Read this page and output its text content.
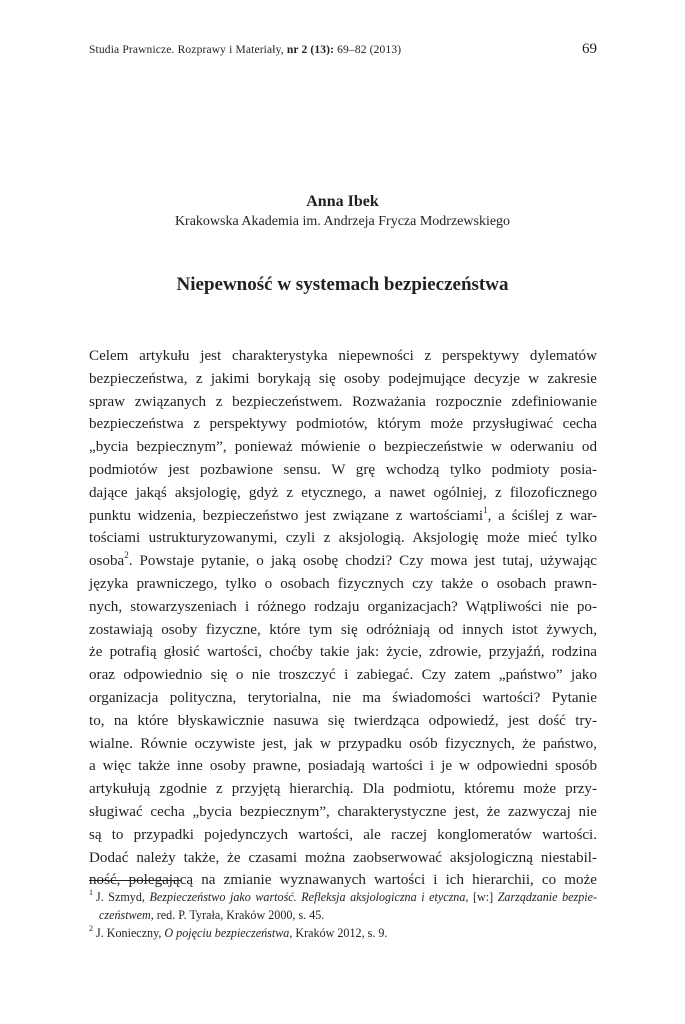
Studia Prawnicze. Rozprawy i Materiały, nr 2 (13): 69–82 (2013)	69
Anna Ibek
Krakowska Akademia im. Andrzeja Frycza Modrzewskiego
Niepewność w systemach bezpieczeństwa
Celem artykułu jest charakterystyka niepewności z perspektywy dylematów
bezpieczeństwa, z jakimi borykają się osoby podejmujące decyzje w zakresie
spraw związanych z bezpieczeństwem. Rozważania rozpocznie zdefiniowanie
bezpieczeństwa z perspektywy podmiotów, którym może przysługiwać cecha
„bycia bezpiecznym”, ponieważ mówienie o bezpieczeństwie w oderwaniu od
podmiotów jest pozbawione sensu. W grę wchodzą tylko podmioty posia-
dające jakąś aksjologię, gdyż z etycznego, a nawet ogólniej, z filozoficznego
punktu widzenia, bezpieczeństwo jest związane z wartościami$^1$, a ściślej z war-
tościami ustrukturyzowanymi, czyli z aksjologią. Aksjologię może mieć tylko
osoba$^2$. Powstaje pytanie, o jaką osobę chodzi? Czy mowa jest tutaj, używając
języka prawniczego, tylko o osobach fizycznych czy także o osobach prawn-
nych, stowarzyszeniach i różnego rodzaju organizacjach? Wątpliwości nie po-
zostawiają osoby fizyczne, które tym się odróżniają od innych istot żywych,
że potrafią głosić wartości, choćby takie jak: życie, zdrowie, przyjaźń, rodzina
oraz odpowiednio się o nie troszczyć i zabiegać. Czy zatem „państwo” jako
organizacja polityczna, terytorialna, nie ma świadomości wartości? Pytanie
to, na które błyskawicznie nasuwa się twierdząca odpowiedź, jest dość try-
wialne. Równie oczywiste jest, jak w przypadku osób fizycznych, że państwo,
a więc także inne osoby prawne, posiadają wartości i je w odpowiedni sposób
artykułują zgodnie z przyjętą hierarchią. Dla podmiotu, któremu może przy-
sługiwać cecha „bycia bezpiecznym”, charakterystyczne jest, że zazwyczaj nie
są to przypadki pojedynczych wartości, ale raczej konglomeratów wartości.
Dodać należy także, że czasami można zaobserwować aksjologiczną niestabil-
ność, polegającą na zmianie wyznawanych wartości i ich hierarchii, co może
$^1$ J. Szmyd, Bezpieczeństwo jako wartość. Refleksja aksjologiczna i etyczna, [w:] Zarządzanie bezpie-
czeństwem, red. P. Tyrała, Kraków 2000, s. 45.
$^2$ J. Konieczny, O pojęciu bezpieczeństwa, Kraków 2012, s. 9.
